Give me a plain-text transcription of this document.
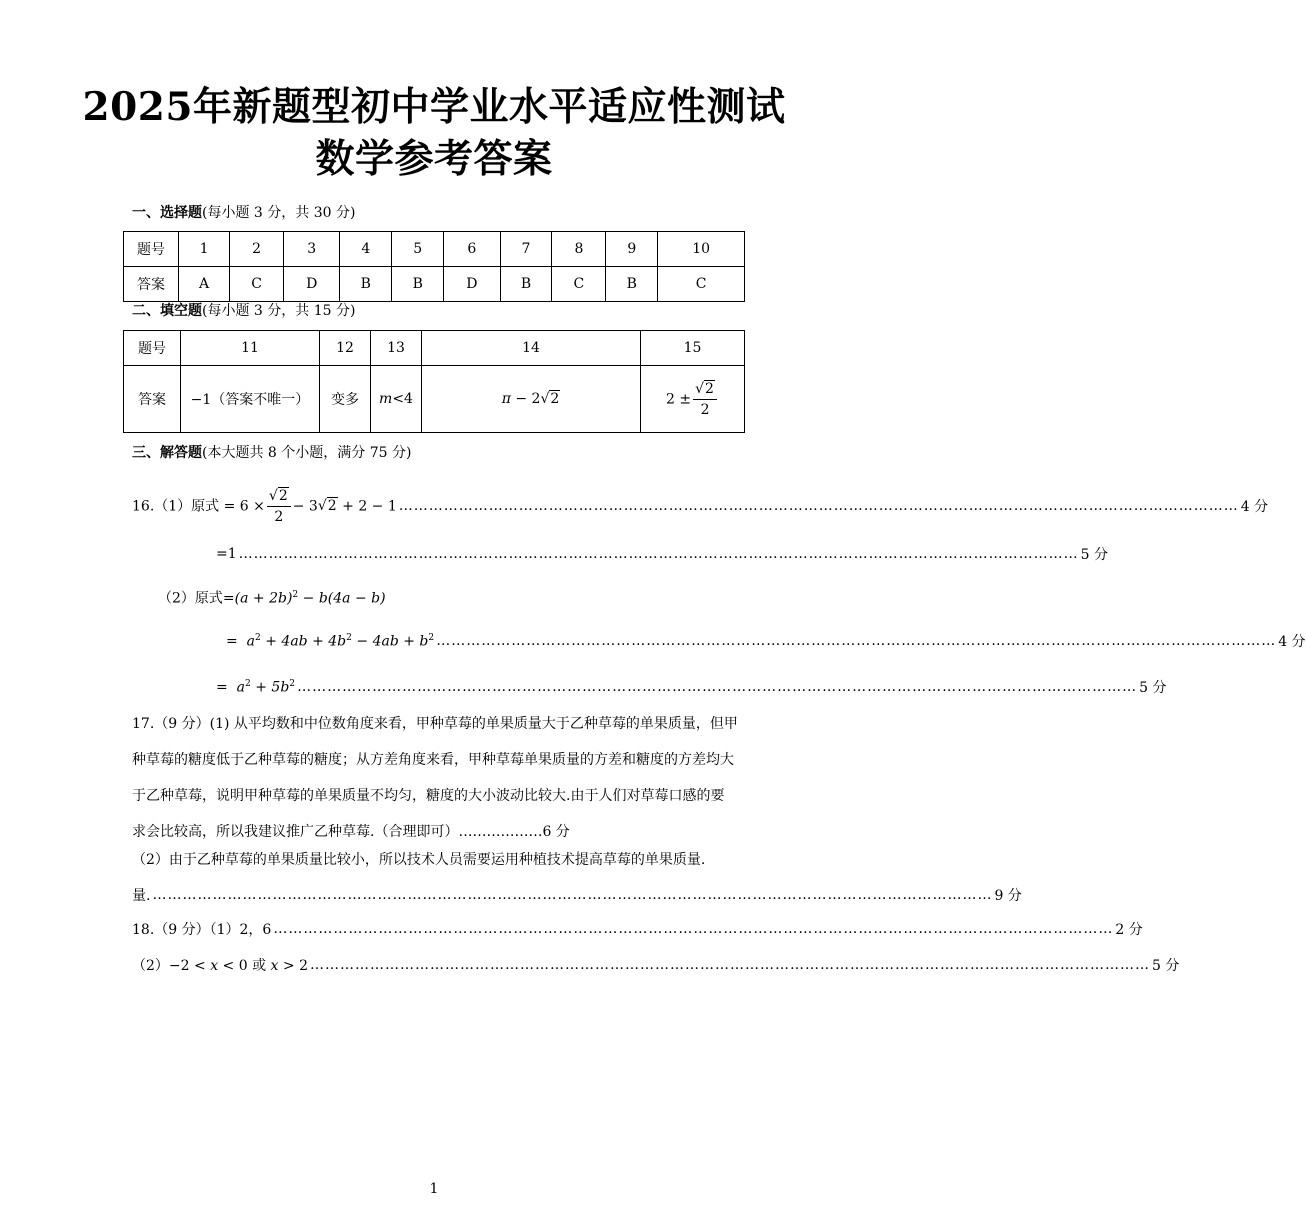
2025年新题型初中学业水平适应性测试
数学参考答案
一、选择题(每小题 3 分，共 30 分)
题号	1	2	3	4	5	6	7	8	9	10
答案	A	C	D	B	B	D	B	C	B	C
二、填空题(每小题 3 分，共 15 分)
题号	11	12	13	14	15
答案	−1（答案不唯一）	变多	m<4	π − 2√2	$2 \pm \frac{√2}{2}$
三、解答题(本大题共 8 个小题，满分 75 分)
16.（1）原式 = $6 \times \frac{√2}{2} - 3√2 + 2 - 1$ …………………………………………………………………………………………………………………………………………………… 4 分
=1 …………………………………………………………………………………………………………………………………………………… 5 分
（2）原式$=(a + 2b)^2 - b(4a - b)$
= $a^2 + 4ab + 4b^2 - 4ab + b^2$ …………………………………………………………………………………………………………………………………………………… 4 分
= $a^2 + 5b^2$ …………………………………………………………………………………………………………………………………………………… 5 分
17.（9 分）(1) 从平均数和中位数角度来看，甲种草莓的单果质量大于乙种草莓的单果质量，但甲种草莓的糖度低于乙种草莓的糖度；从方差角度来看，甲种草莓单果质量的方差和糖度的方差均大于乙种草莓，说明甲种草莓的单果质量不均匀，糖度的大小波动比较大.由于人们对草莓口感的要求会比较高，所以我建议推广乙种草莓.（合理即可）………………6 分
（2）由于乙种草莓的单果质量比较小，所以技术人员需要运用种植技术提高草莓的单果质量.
量. …………………………………………………………………………………………………………………………………………………… 9 分
18.（9 分）（1）2，6 …………………………………………………………………………………………………………………………………………………… 2 分
（2）−2 < x < 0 或 x > 2 …………………………………………………………………………………………………………………………………………………… 5 分
1
